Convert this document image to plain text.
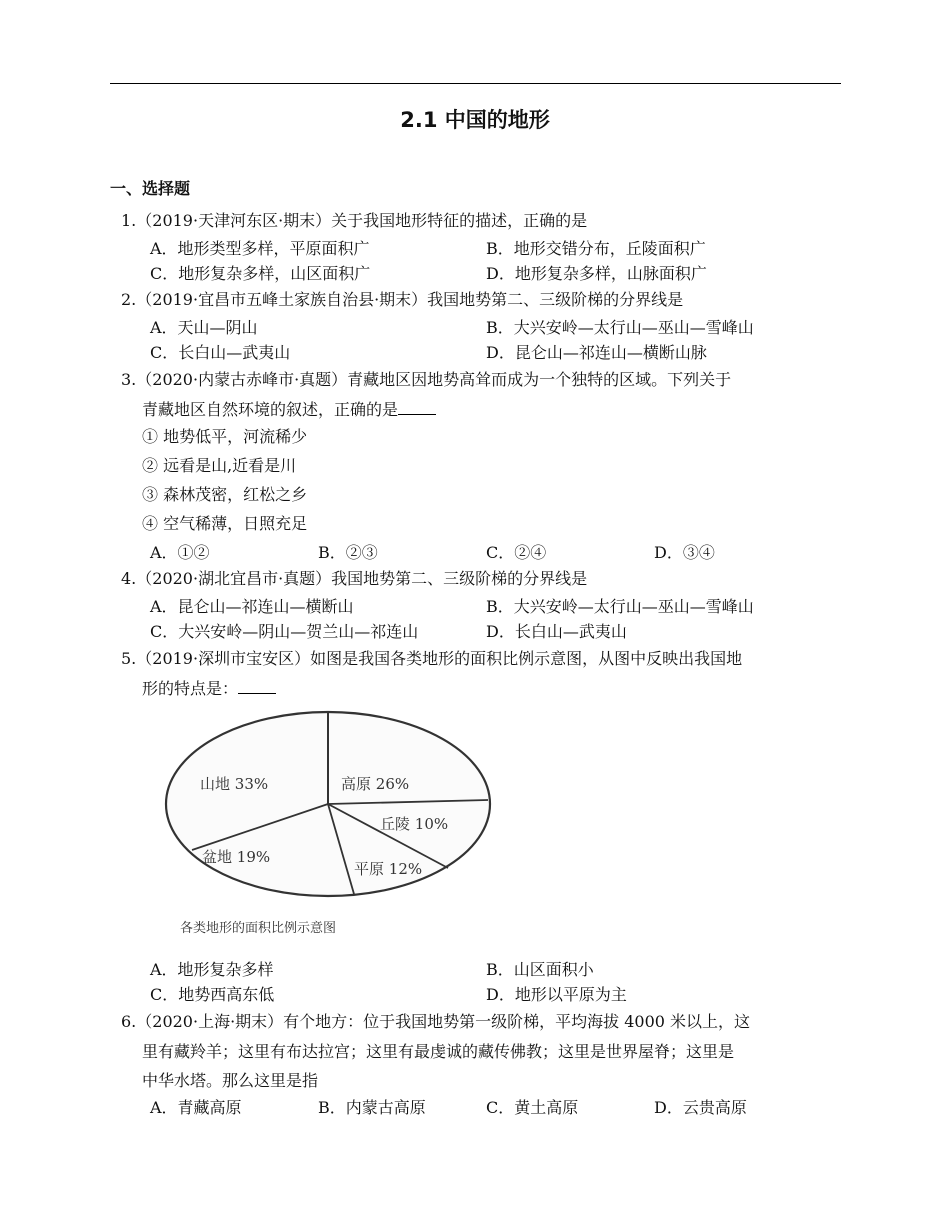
2.1 中国的地形
一、选择题
1.（2019·天津河东区·期末）关于我国地形特征的描述，正确的是
A．地形类型多样，平原面积广	B．地形交错分布，丘陵面积广
C．地形复杂多样，山区面积广	D．地形复杂多样，山脉面积广
2.（2019·宜昌市五峰土家族自治县·期末）我国地势第二、三级阶梯的分界线是
A．天山—阴山	B．大兴安岭—太行山—巫山—雪峰山
C．长白山—武夷山	D．昆仑山—祁连山—横断山脉
3.（2020·内蒙古赤峰市·真题）青藏地区因地势高耸而成为一个独特的区域。下列关于
青藏地区自然环境的叙述，正确的是
① 地势低平，河流稀少
② 远看是山,近看是川
③ 森林茂密，红松之乡
④ 空气稀薄，日照充足
A．①②	B．②③	C．②④	D．③④
4.（2020·湖北宜昌市·真题）我国地势第二、三级阶梯的分界线是
A．昆仑山—祁连山—横断山	B．大兴安岭—太行山—巫山—雪峰山
C．大兴安岭—阴山—贺兰山—祁连山	D．长白山—武夷山
5.（2019·深圳市宝安区）如图是我国各类地形的面积比例示意图，从图中反映出我国地
形的特点是：
山地 33%	高原 26%
丘陵 10%
平原 12%
盆地 19%
各类地形的面积比例示意图
A．地形复杂多样	B．山区面积小
C．地势西高东低	D．地形以平原为主
6.（2020·上海·期末）有个地方：位于我国地势第一级阶梯，平均海拔 4000 米以上，这
里有藏羚羊；这里有布达拉宫；这里有最虔诚的藏传佛教；这里是世界屋脊；这里是
中华水塔。那么这里是指
A．青藏高原	B．内蒙古高原	C．黄土高原	D．云贵高原
